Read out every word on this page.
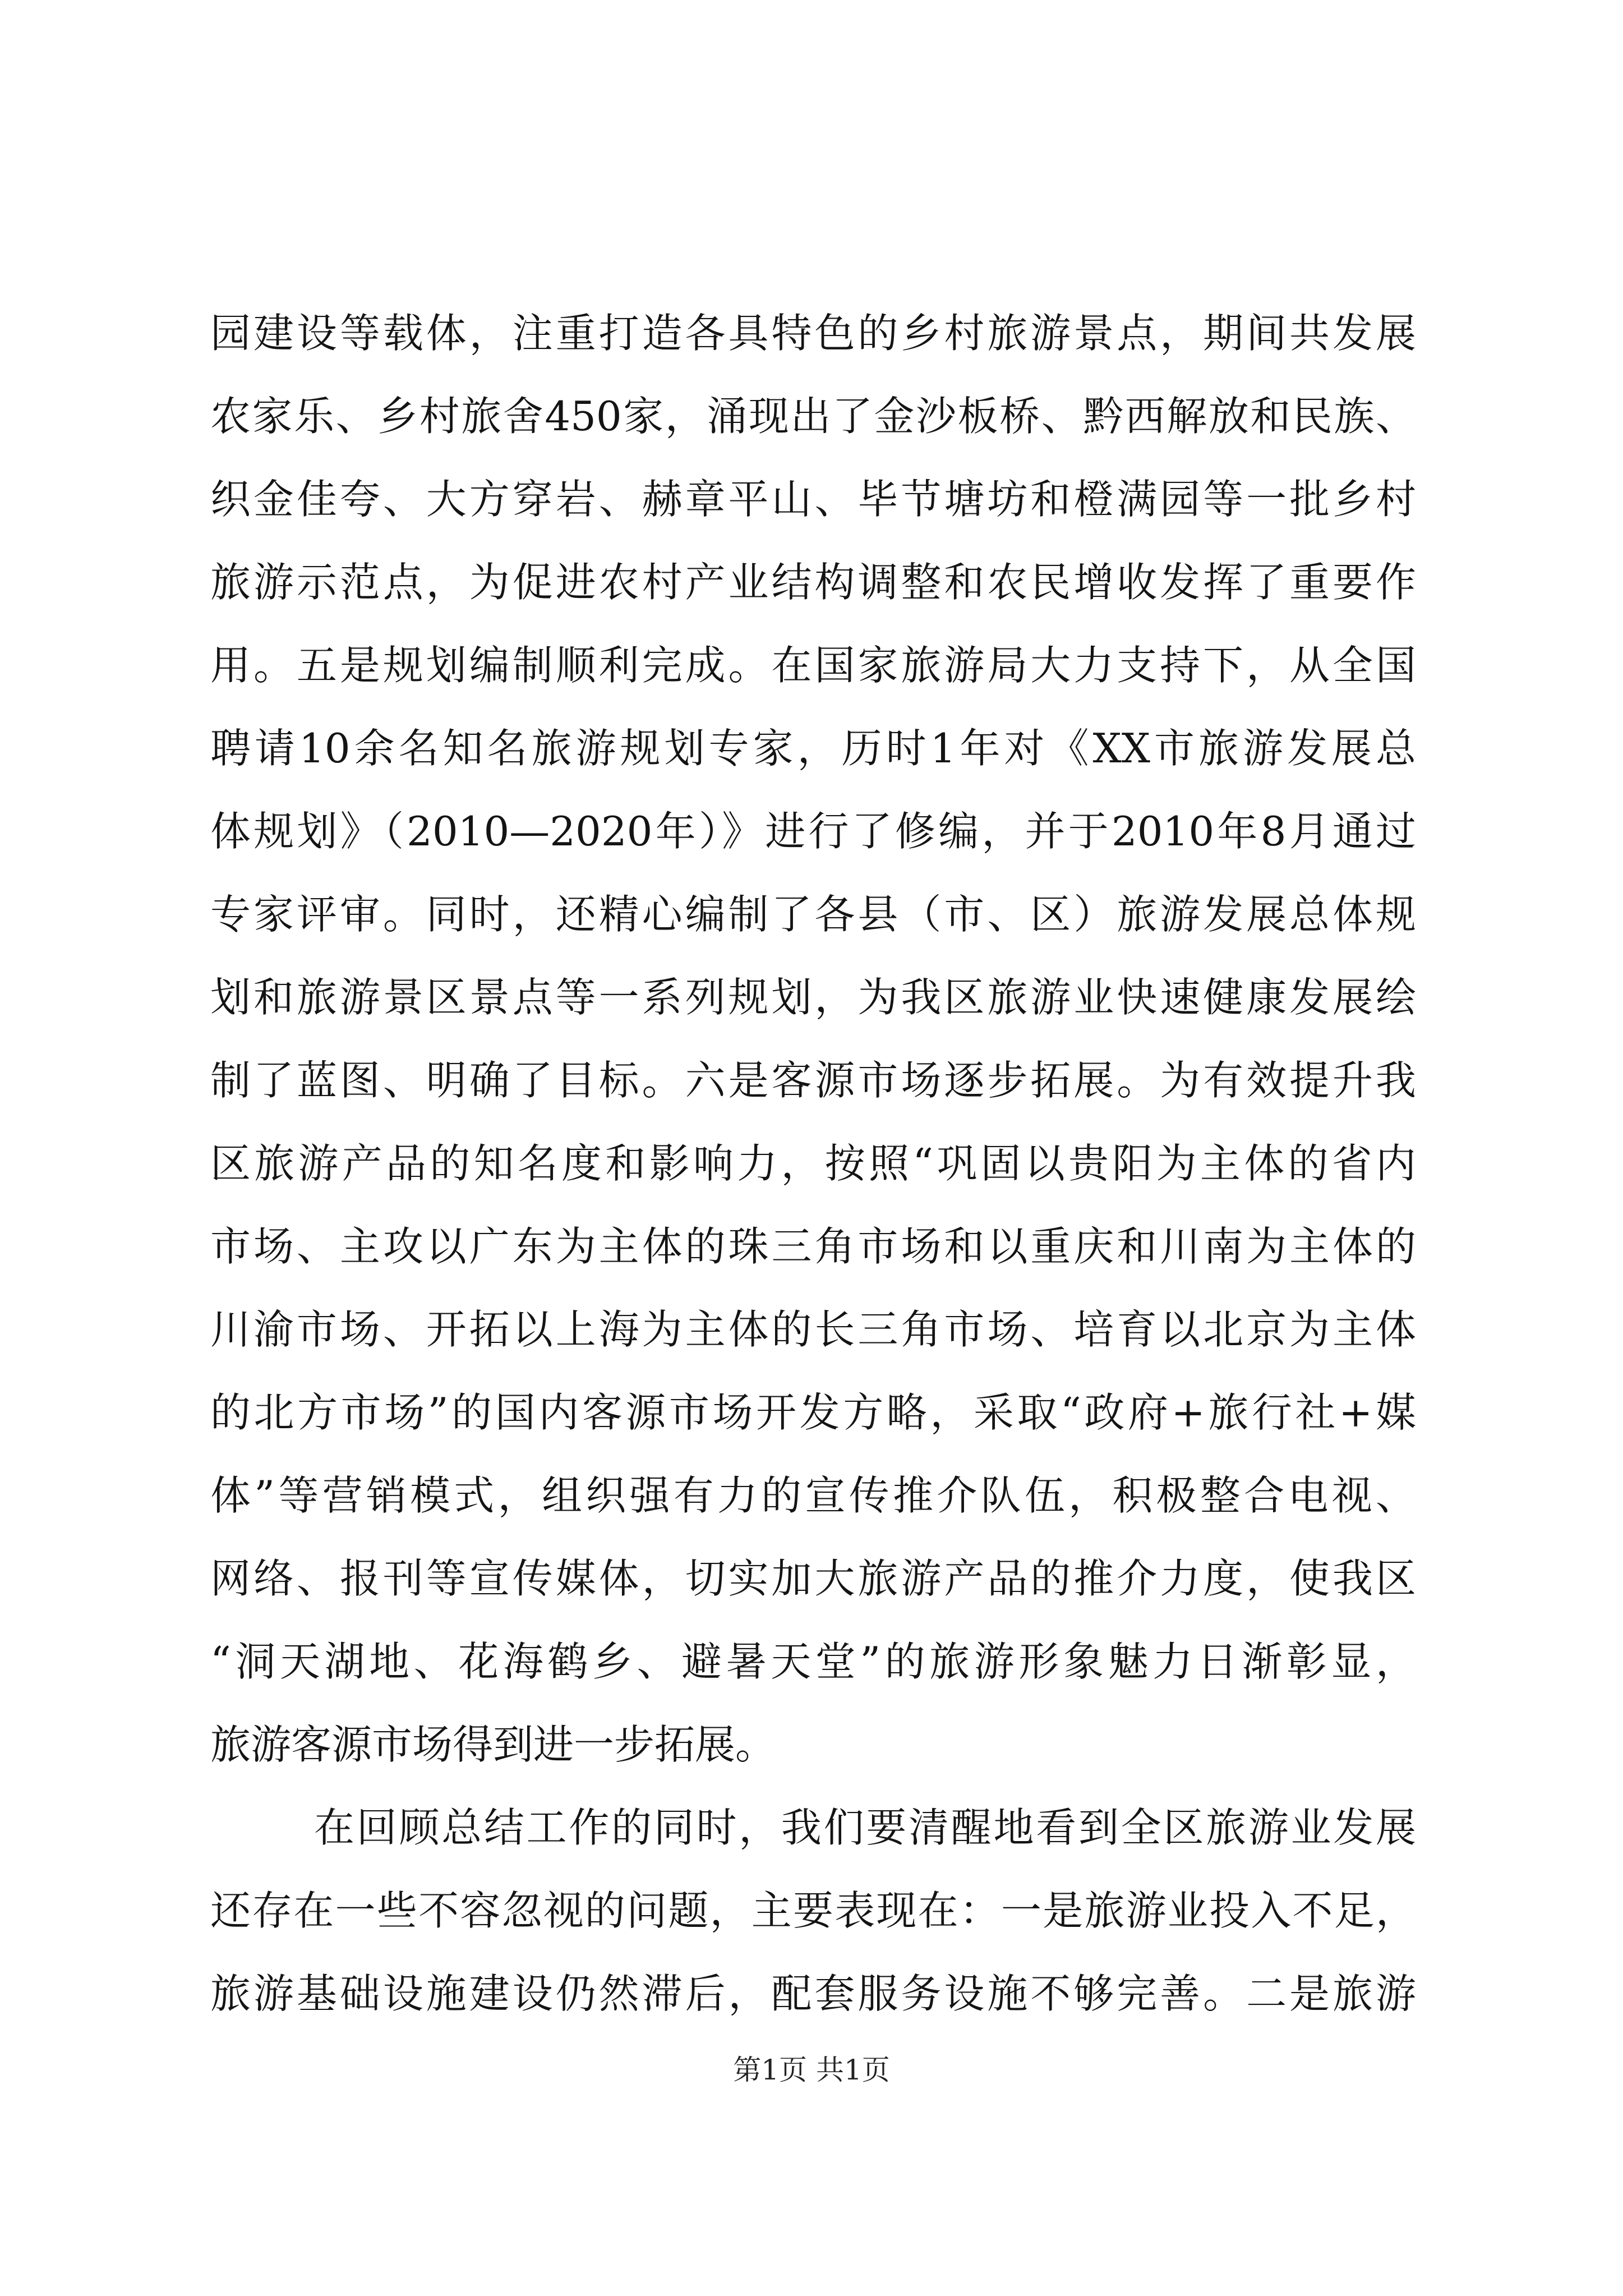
园建设等载体，注重打造各具特色的乡村旅游景点，期间共发展
农家乐、乡村旅舍450家，涌现出了金沙板桥、黔西解放和民族、
织金佳夸、大方穿岩、赫章平山、毕节塘坊和橙满园等一批乡村
旅游示范点，为促进农村产业结构调整和农民增收发挥了重要作
用。五是规划编制顺利完成。在国家旅游局大力支持下，从全国
聘请10余名知名旅游规划专家，历时1年对《XX市旅游发展总
体规划》（2010—2020年）》进行了修编，并于2010年8月通过
专家评审。同时，还精心编制了各县（市、区）旅游发展总体规
划和旅游景区景点等一系列规划，为我区旅游业快速健康发展绘
制了蓝图、明确了目标。六是客源市场逐步拓展。为有效提升我
区旅游产品的知名度和影响力，按照“巩固以贵阳为主体的省内
市场、主攻以广东为主体的珠三角市场和以重庆和川南为主体的
川渝市场、开拓以上海为主体的长三角市场、培育以北京为主体
的北方市场”的国内客源市场开发方略，采取“政府+旅行社+媒
体”等营销模式，组织强有力的宣传推介队伍，积极整合电视、
网络、报刊等宣传媒体，切实加大旅游产品的推介力度，使我区
“洞天湖地、花海鹤乡、避暑天堂”的旅游形象魅力日渐彰显，
旅游客源市场得到进一步拓展。
在回顾总结工作的同时，我们要清醒地看到全区旅游业发展
还存在一些不容忽视的问题，主要表现在：一是旅游业投入不足，
旅游基础设施建设仍然滞后，配套服务设施不够完善。二是旅游
第1页 共1页
